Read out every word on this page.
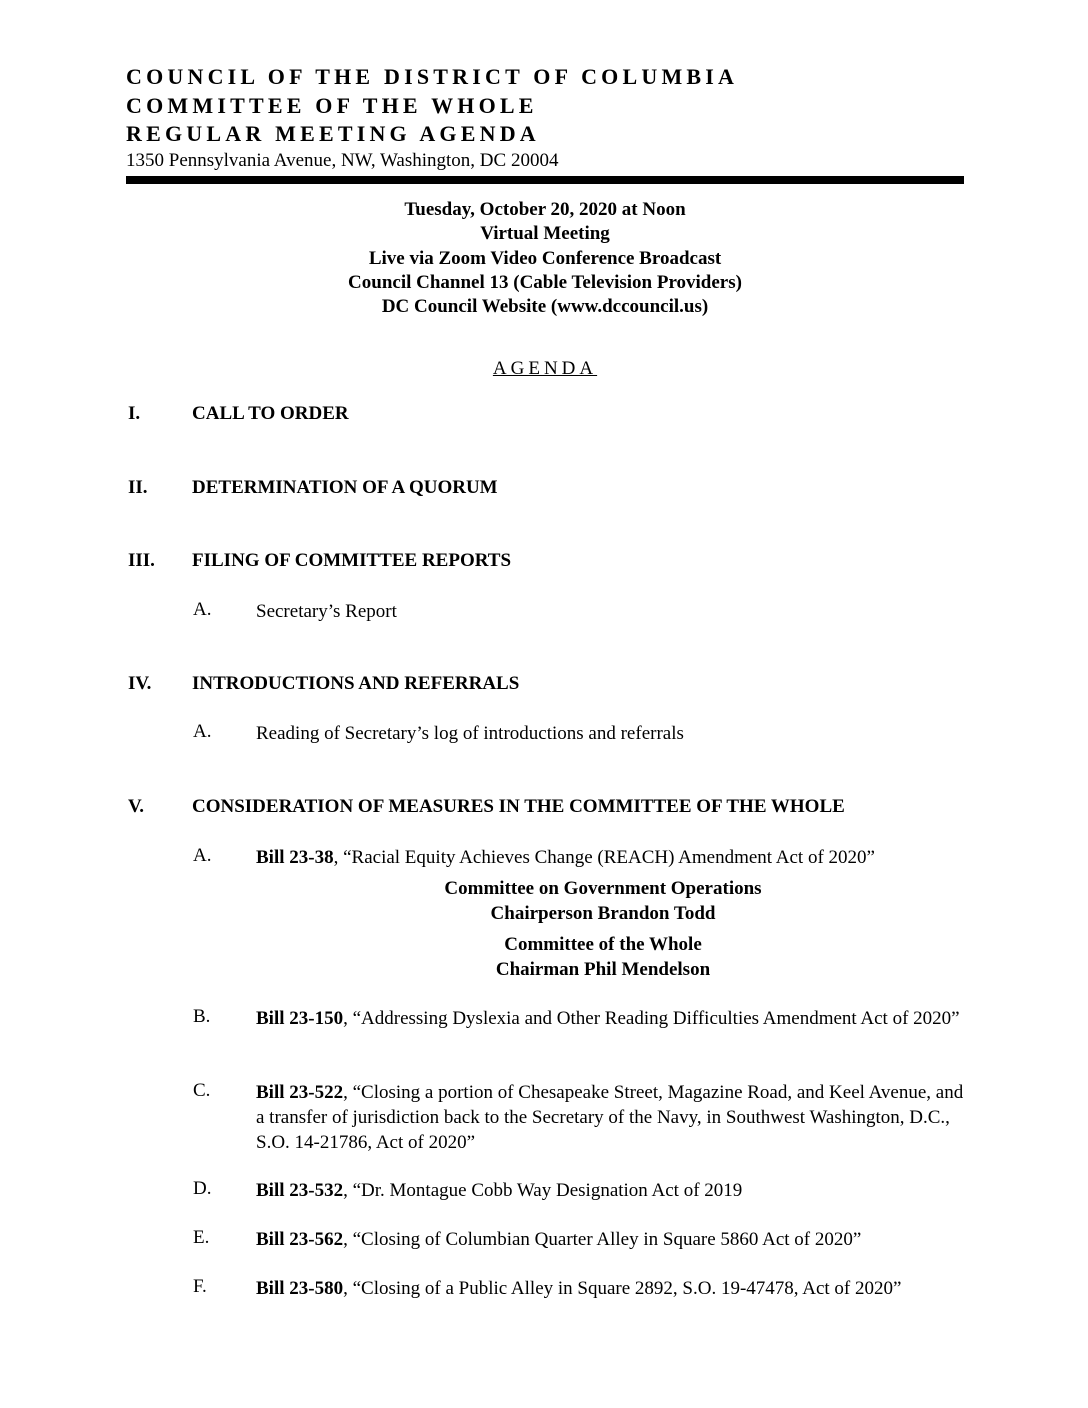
COUNCIL OF THE DISTRICT OF COLUMBIA
COMMITTEE OF THE WHOLE
REGULAR MEETING AGENDA
1350 Pennsylvania Avenue, NW, Washington, DC 20004
Tuesday, October 20, 2020 at Noon
Virtual Meeting
Live via Zoom Video Conference Broadcast
Council Channel 13 (Cable Television Providers)
DC Council Website (www.dccouncil.us)
AGENDA
I.	CALL TO ORDER
II. DETERMINATION OF A QUORUM
III. FILING OF COMMITTEE REPORTS
A. Secretary’s Report
IV. INTRODUCTIONS AND REFERRALS
A. Reading of Secretary’s log of introductions and referrals
V.	CONSIDERATION OF MEASURES IN THE COMMITTEE OF THE WHOLE
A. Bill 23-38, “Racial Equity Achieves Change (REACH) Amendment Act of 2020”
Committee on Government Operations
Chairperson Brandon Todd
Committee of the Whole
Chairman Phil Mendelson
B. Bill 23-150, “Addressing Dyslexia and Other Reading Difficulties Amendment Act of 2020”
C. Bill 23-522, “Closing a portion of Chesapeake Street, Magazine Road, and Keel Avenue, and a transfer of jurisdiction back to the Secretary of the Navy, in Southwest Washington, D.C., S.O. 14-21786, Act of 2020”
D. Bill 23-532, “Dr. Montague Cobb Way Designation Act of 2019
E. Bill 23-562, “Closing of Columbian Quarter Alley in Square 5860 Act of 2020”
F.	Bill 23-580, “Closing of a Public Alley in Square 2892, S.O. 19-47478, Act of 2020”
